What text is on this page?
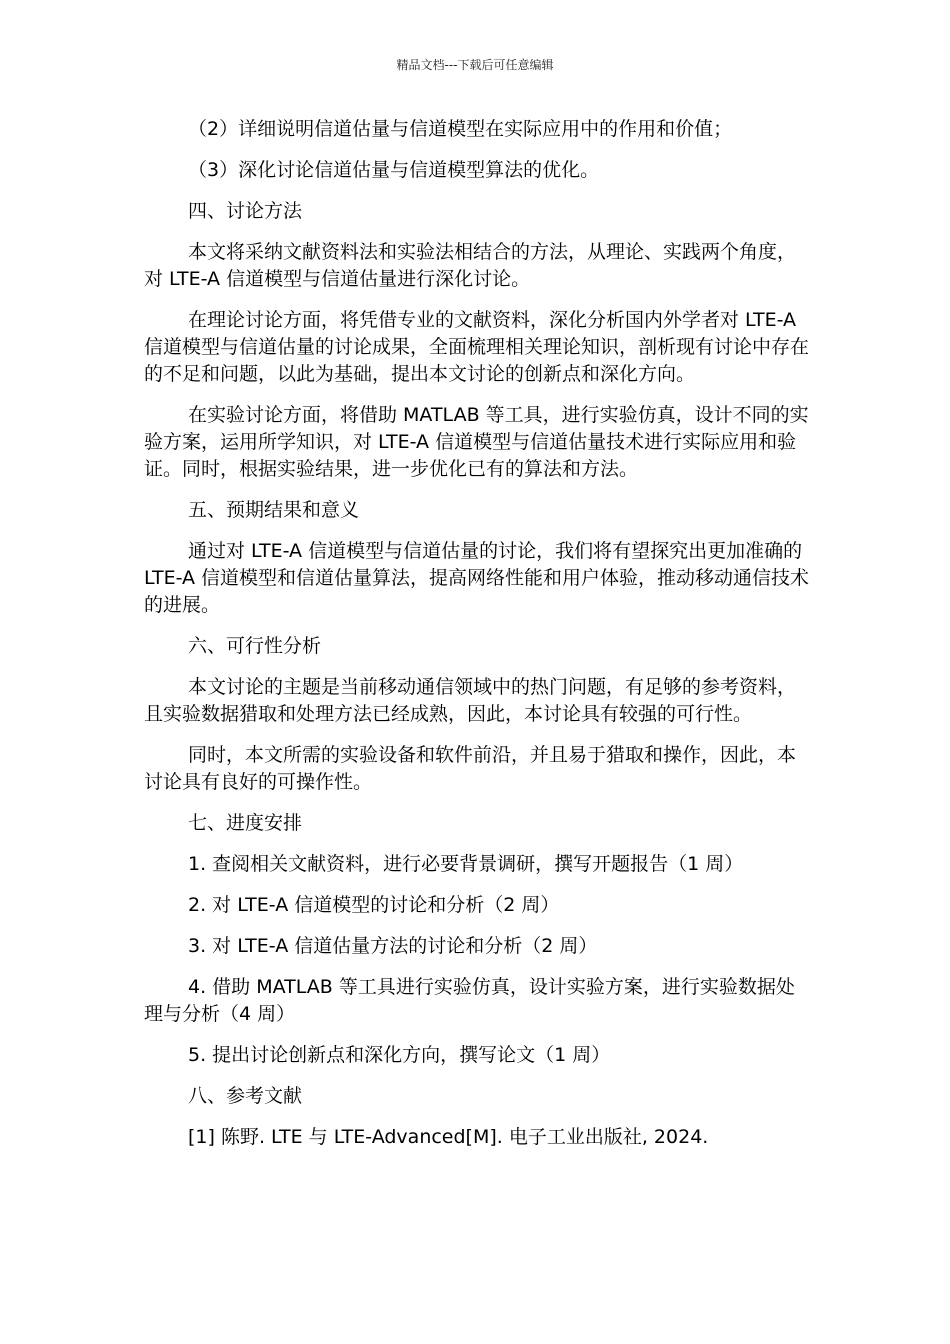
精品文档---下载后可任意编辑

（2）详细说明信道估量与信道模型在实际应用中的作用和价值；

（3）深化讨论信道估量与信道模型算法的优化。

四、讨论方法

本文将采纳文献资料法和实验法相结合的方法，从理论、实践两个角度，对 LTE-A 信道模型与信道估量进行深化讨论。

在理论讨论方面，将凭借专业的文献资料，深化分析国内外学者对 LTE-A 信道模型与信道估量的讨论成果，全面梳理相关理论知识，剖析现有讨论中存在的不足和问题，以此为基础，提出本文讨论的创新点和深化方向。

在实验讨论方面，将借助 MATLAB 等工具，进行实验仿真，设计不同的实验方案，运用所学知识，对 LTE-A 信道模型与信道估量技术进行实际应用和验证。同时，根据实验结果，进一步优化已有的算法和方法。

五、预期结果和意义

通过对 LTE-A 信道模型与信道估量的讨论，我们将有望探究出更加准确的 LTE-A 信道模型和信道估量算法，提高网络性能和用户体验，推动移动通信技术的进展。

六、可行性分析

本文讨论的主题是当前移动通信领域中的热门问题，有足够的参考资料，且实验数据猎取和处理方法已经成熟，因此，本讨论具有较强的可行性。

同时，本文所需的实验设备和软件前沿，并且易于猎取和操作，因此，本讨论具有良好的可操作性。

七、进度安排

1. 查阅相关文献资料，进行必要背景调研，撰写开题报告（1 周）

2. 对 LTE-A 信道模型的讨论和分析（2 周）

3. 对 LTE-A 信道估量方法的讨论和分析（2 周）

4. 借助 MATLAB 等工具进行实验仿真，设计实验方案，进行实验数据处理与分析（4 周）

5. 提出讨论创新点和深化方向，撰写论文（1 周）

八、参考文献

[1] 陈野. LTE 与 LTE-Advanced[M]. 电子工业出版社, 2024.
